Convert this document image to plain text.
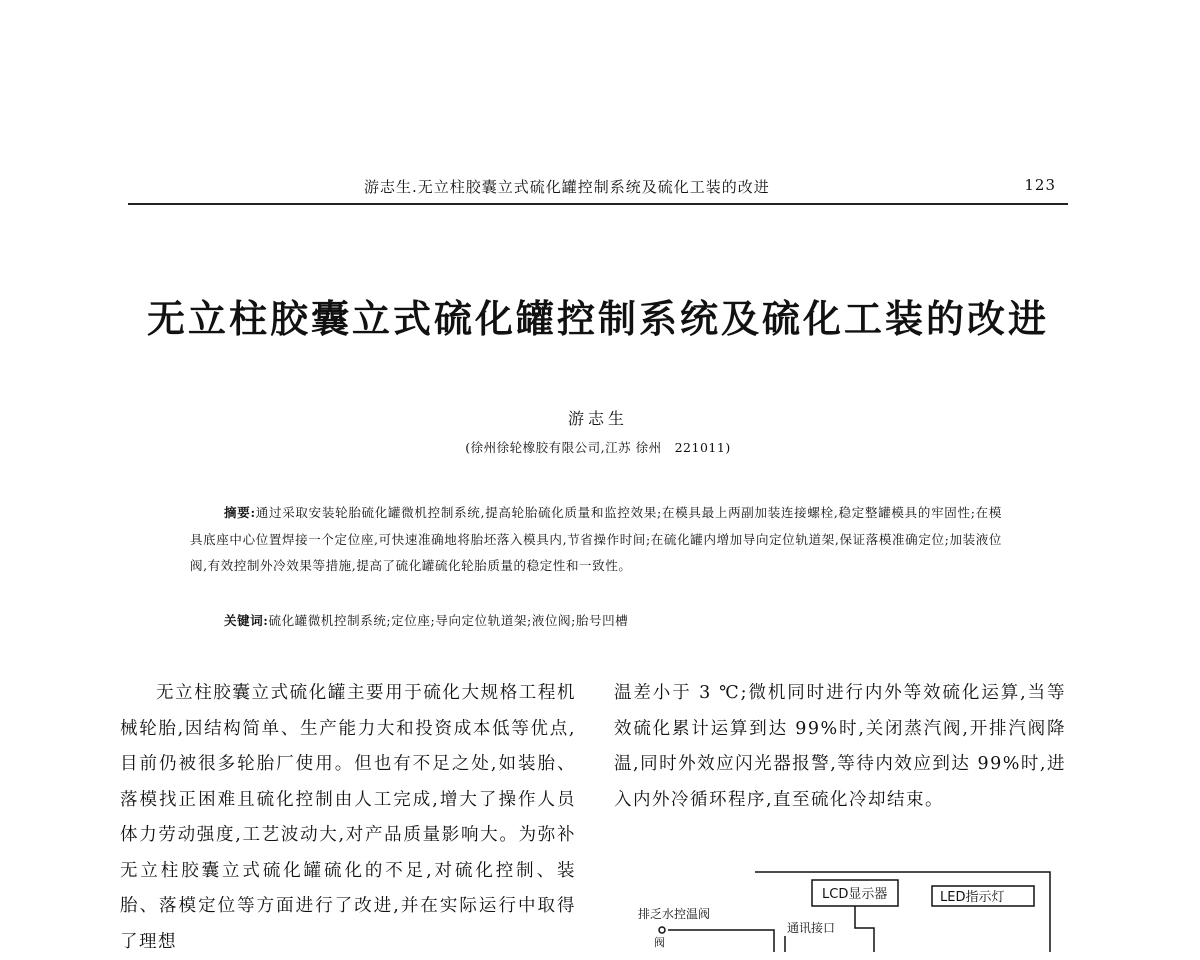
游志生.无立柱胶囊立式硫化罐控制系统及硫化工装的改进	123
无立柱胶囊立式硫化罐控制系统及硫化工装的改进
游志生
(徐州徐轮橡胶有限公司,江苏 徐州　221011)
摘要:通过采取安装轮胎硫化罐微机控制系统,提高轮胎硫化质量和监控效果;在模具最上两副加装连接螺栓,稳定整罐模具的牢固性;在模具底座中心位置焊接一个定位座,可快速准确地将胎坯落入模具内,节省操作时间;在硫化罐内增加导向定位轨道架,保证落模准确定位;加装液位阀,有效控制外冷效果等措施,提高了硫化罐硫化轮胎质量的稳定性和一致性。
关键词:硫化罐微机控制系统;定位座;导向定位轨道架;液位阀;胎号凹槽
无立柱胶囊立式硫化罐主要用于硫化大规格工程机械轮胎,因结构简单、生产能力大和投资成本低等优点,目前仍被很多轮胎厂使用。但也有不足之处,如装胎、落模找正困难且硫化控制由人工完成,增大了操作人员体力劳动强度,工艺波动大,对产品质量影响大。为弥补无立柱胶囊立式硫化罐硫化的不足,对硫化控制、装胎、落模定位等方面进行了改进,并在实际运行中取得了理想
温差小于 3 ℃;微机同时进行内外等效硫化运算,当等效硫化累计运算到达 99%时,关闭蒸汽阀,开排汽阀降温,同时外效应闪光器报警,等待内效应到达 99%时,进入内外冷循环程序,直至硫化冷却结束。
LCD显示器	LED指示灯
排乏水控温阀
阀
通讯接口
